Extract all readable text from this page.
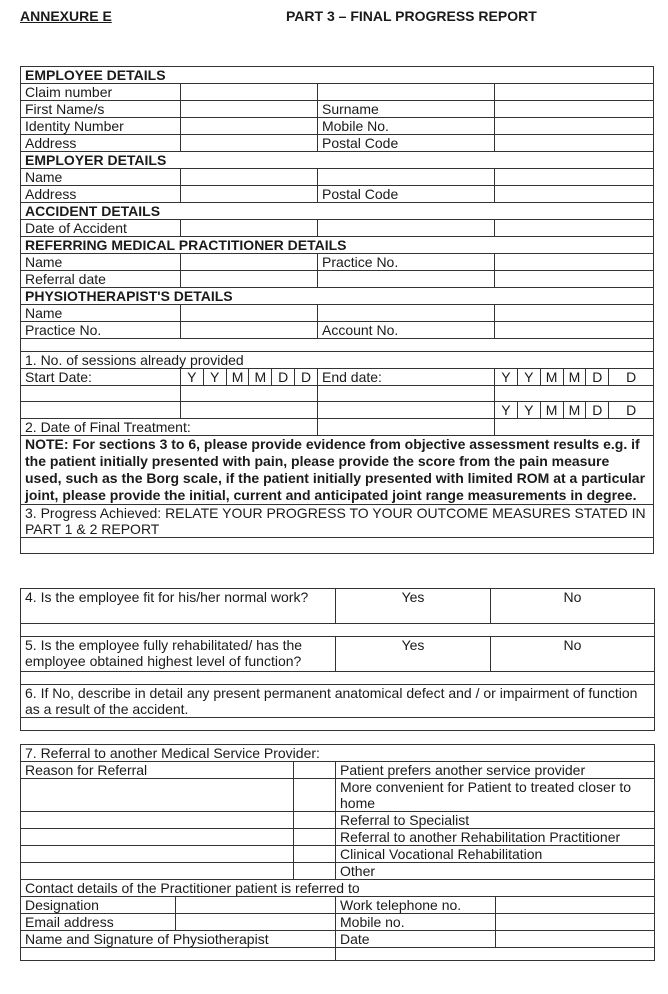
ANNEXURE E	PART 3 – FINAL PROGRESS REPORT
EMPLOYEE DETAILS													
Claim number													
First Name/s							Surname						
Identity Number							Mobile No.						
Address							Postal Code						
EMPLOYER DETAILS													
Name													
Address							Postal Code						
ACCIDENT DETAILS													
Date of Accident													
REFERRING MEDICAL PRACTITIONER DETAILS													
Name							Practice No.						
Referral date													
PHYSIOTHERAPIST'S DETAILS													
Name													
Practice No.							Account No.						

1. No. of sessions already provided													
Start Date:	Y	Y	M	M	D	D	End date:	Y	Y	M	M	D	D

								Y	Y	M	M	D	D
2. Date of Final Treatment:													
NOTE: For sections 3 to 6, please provide evidence from objective assessment results e.g. if the patient initially presented with pain, please provide the score from the pain measure used, such as the Borg scale, if the patient initially presented with limited ROM at a particular joint, please provide the initial, current and anticipated joint range measurements in degree.													
3. Progress Achieved: RELATE YOUR PROGRESS TO YOUR OUTCOME MEASURES STATED IN PART 1 & 2 REPORT													

4. Is the employee fit for his/her normal work?	Yes	No

5. Is the employee fully rehabilitated/ has the employee obtained highest level of function?	Yes	No

6. If No, describe in detail any present permanent anatomical defect and / or impairment of function as a result of the accident.		

7. Referral to another Medical Service Provider:				
Reason for Referral			Patient prefers another service provider	
			More convenient for Patient to treated closer to home	
			Referral to Specialist	
			Referral to another Rehabilitation Practitioner	
			Clinical Vocational Rehabilitation	
			Other	
Contact details of the Practitioner patient is referred to				
Designation			Work telephone no.	
Email address			Mobile no.	
Name and Signature of Physiotherapist			Date	
